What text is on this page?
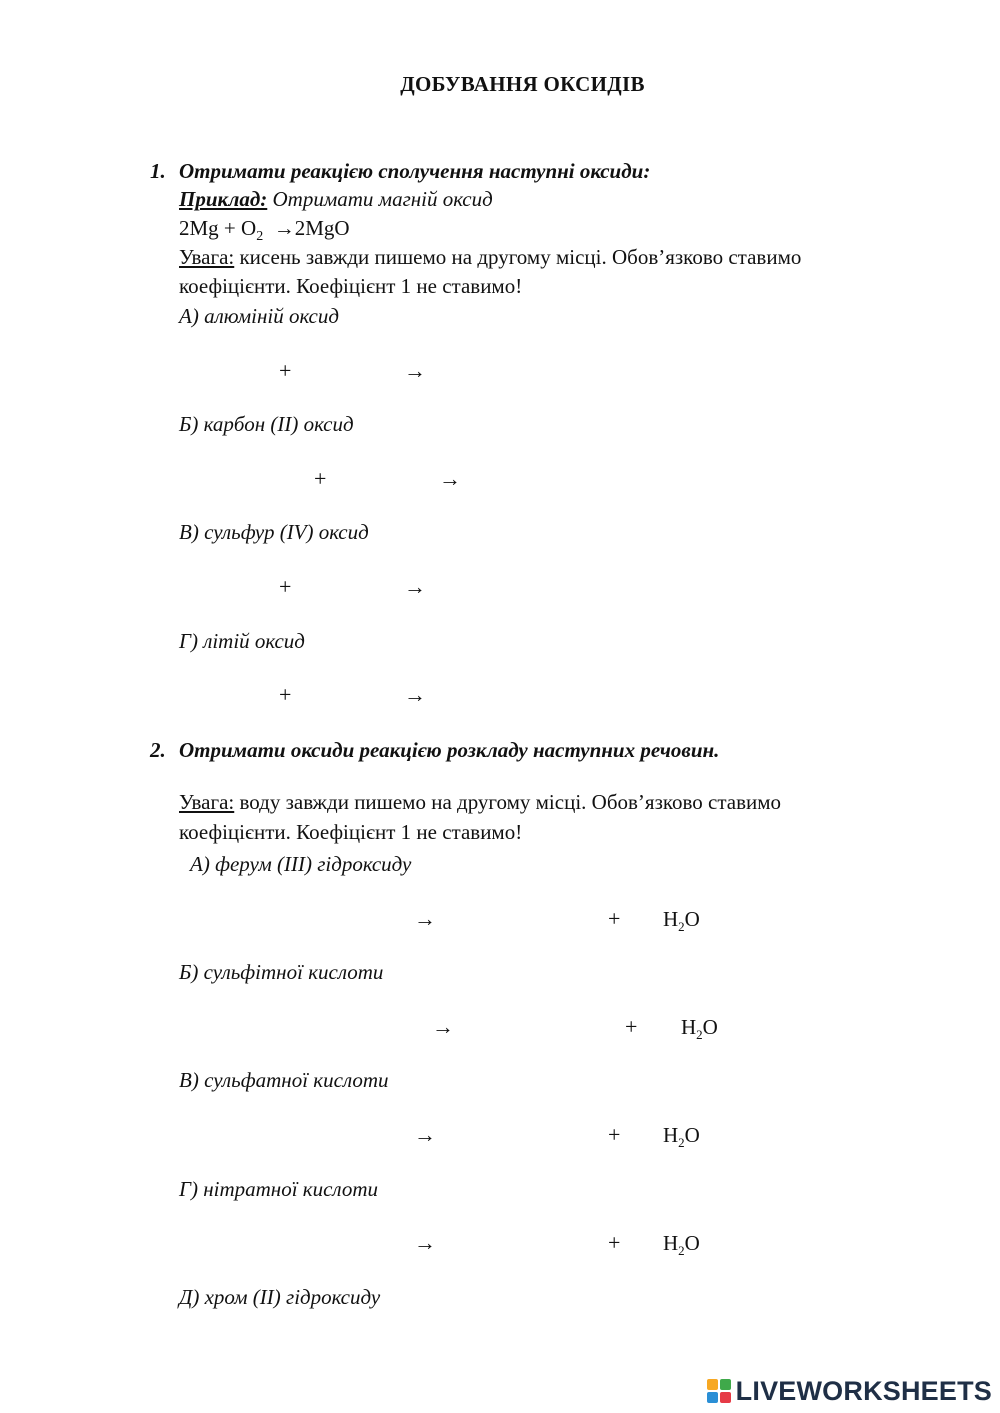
ДОБУВАННЯ ОКСИДІВ
1. Отримати реакцією сполучення наступні оксиди:
Приклад: Отримати магній оксид
$2Mg + O_2 \to 2MgO$
Увага: кисень завжди пишемо на другому місці. Обов’язково ставимо
коефіцієнти. Коефіцієнт 1 не ставимо!
А) алюміній оксид
+	→
Б) карбон (ІІ) оксид
+	→
В) сульфур (IV) оксид
+	→
Г) літій оксид
+	→
2. Отримати оксиди реакцією розкладу наступних речовин.
Увага: воду завжди пишемо на другому місці. Обов’язково ставимо
коефіцієнти. Коефіцієнт 1 не ставимо!
А) ферум (ІІІ) гідроксиду
→	+ $H_2O$
Б) сульфітної кислоти
→	+ $H_2O$
В) сульфатної кислоти
→	+ $H_2O$
Г) нітратної кислоти
→	+ $H_2O$
Д) хром (ІІ) гідроксиду
LIVEWORKSHEETS
